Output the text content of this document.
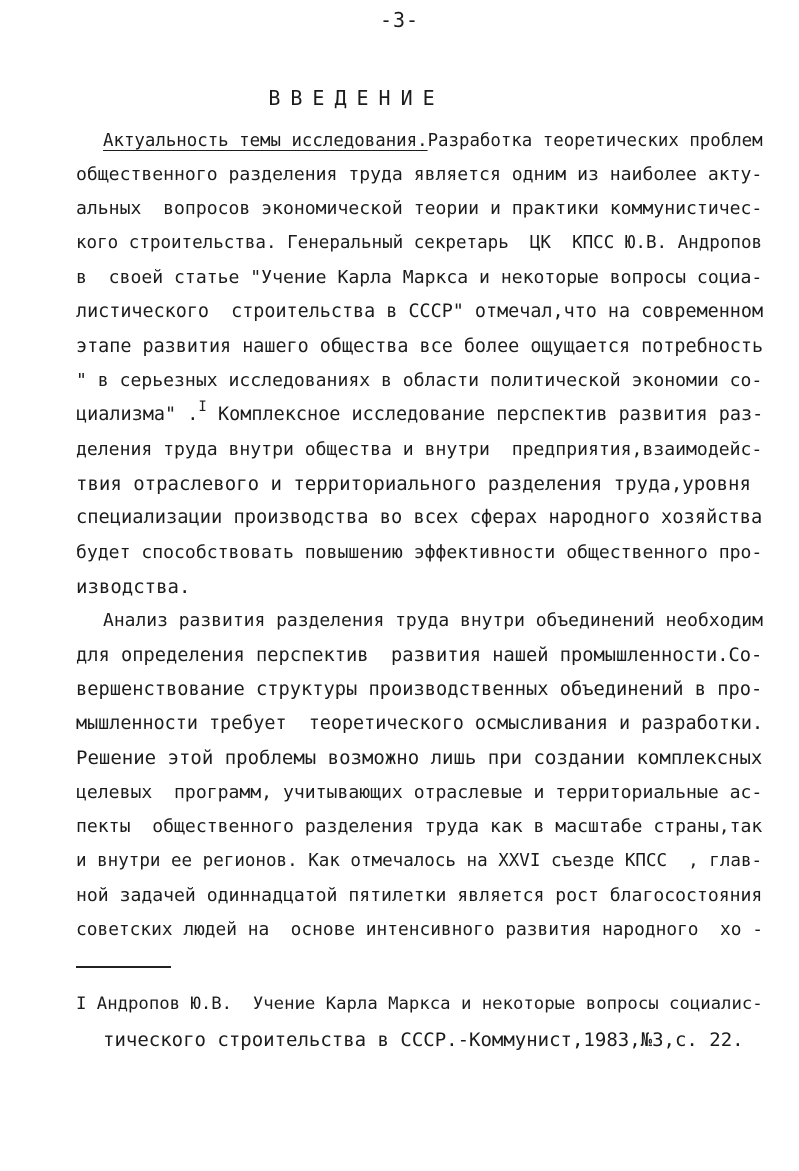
-3-
ВВЕДЕНИЕ
Актуальность темы исследования.Разработка теоретических проблем
общественного разделения труда является одним из наиболее акту-
альных  вопросов экономической теории и практики коммунистичес-
кого строительства. Генеральный секретарь  ЦК  КПСС Ю.В. Андропов
в  своей статье "Учение Карла Маркса и некоторые вопросы социа-
листического  строительства в СССР" отмечал,что на современном
этапе развития нашего общества все более ощущается потребность
" в серьезных исследованиях в области политической экономии со-
циализма" .$^I$ Комплексное исследование перспектив развития раз-
деления труда внутри общества и внутри  предприятия,взаимодейс-
твия отраслевого и территориального разделения труда,уровня
специализации производства во всех сферах народного хозяйства
будет способствовать повышению эффективности общественного про-
изводства.
Анализ развития разделения труда внутри объединений необходим
для определения перспектив  развития нашей промышленности.Со-
вершенствование структуры производственных объединений в про-
мышленности требует  теоретического осмысливания и разработки.
Решение этой проблемы возможно лишь при создании комплексных
целевых  программ, учитывающих отраслевые и территориальные ас-
пекты  общественного разделения труда как в масштабе страны,так
и внутри ее регионов. Как отмечалось на XXVI съезде КПСС  , глав-
ной задачей одиннадцатой пятилетки является рост благосостояния
советских людей на  основе интенсивного развития народного  хо -
I Андропов Ю.В.  Учение Карла Маркса и некоторые вопросы социалис-
тического строительства в СССР.-Коммунист,1983,№3,с. 22.
